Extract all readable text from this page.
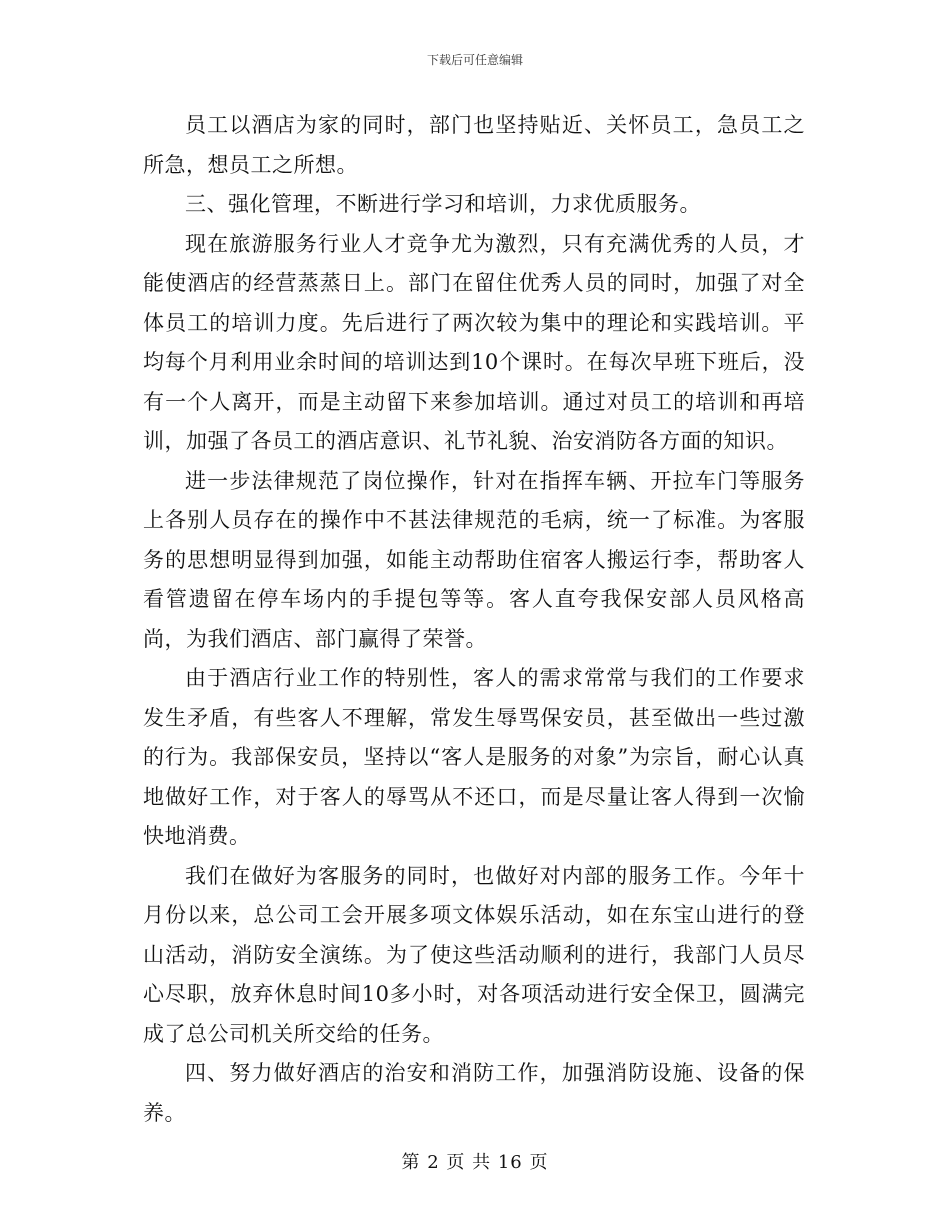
下载后可任意编辑

员工以酒店为家的同时，部门也坚持贴近、关怀员工，急员工之所急，想员工之所想。

三、强化管理，不断进行学习和培训，力求优质服务。

现在旅游服务行业人才竞争尤为激烈，只有充满优秀的人员，才能使酒店的经营蒸蒸日上。部门在留住优秀人员的同时，加强了对全体员工的培训力度。先后进行了两次较为集中的理论和实践培训。平均每个月利用业余时间的培训达到10个课时。在每次早班下班后，没有一个人离开，而是主动留下来参加培训。通过对员工的培训和再培训，加强了各员工的酒店意识、礼节礼貌、治安消防各方面的知识。

进一步法律规范了岗位操作，针对在指挥车辆、开拉车门等服务上各别人员存在的操作中不甚法律规范的毛病，统一了标准。为客服务的思想明显得到加强，如能主动帮助住宿客人搬运行李，帮助客人看管遗留在停车场内的手提包等等。客人直夸我保安部人员风格高尚，为我们酒店、部门赢得了荣誉。

由于酒店行业工作的特别性，客人的需求常常与我们的工作要求发生矛盾，有些客人不理解，常发生辱骂保安员，甚至做出一些过激的行为。我部保安员，坚持以“客人是服务的对象”为宗旨，耐心认真地做好工作，对于客人的辱骂从不还口，而是尽量让客人得到一次愉快地消费。

我们在做好为客服务的同时，也做好对内部的服务工作。今年十月份以来，总公司工会开展多项文体娱乐活动，如在东宝山进行的登山活动，消防安全演练。为了使这些活动顺利的进行，我部门人员尽心尽职，放弃休息时间10多小时，对各项活动进行安全保卫，圆满完成了总公司机关所交给的任务。

四、努力做好酒店的治安和消防工作，加强消防设施、设备的保养。

第 2 页 共 16 页
